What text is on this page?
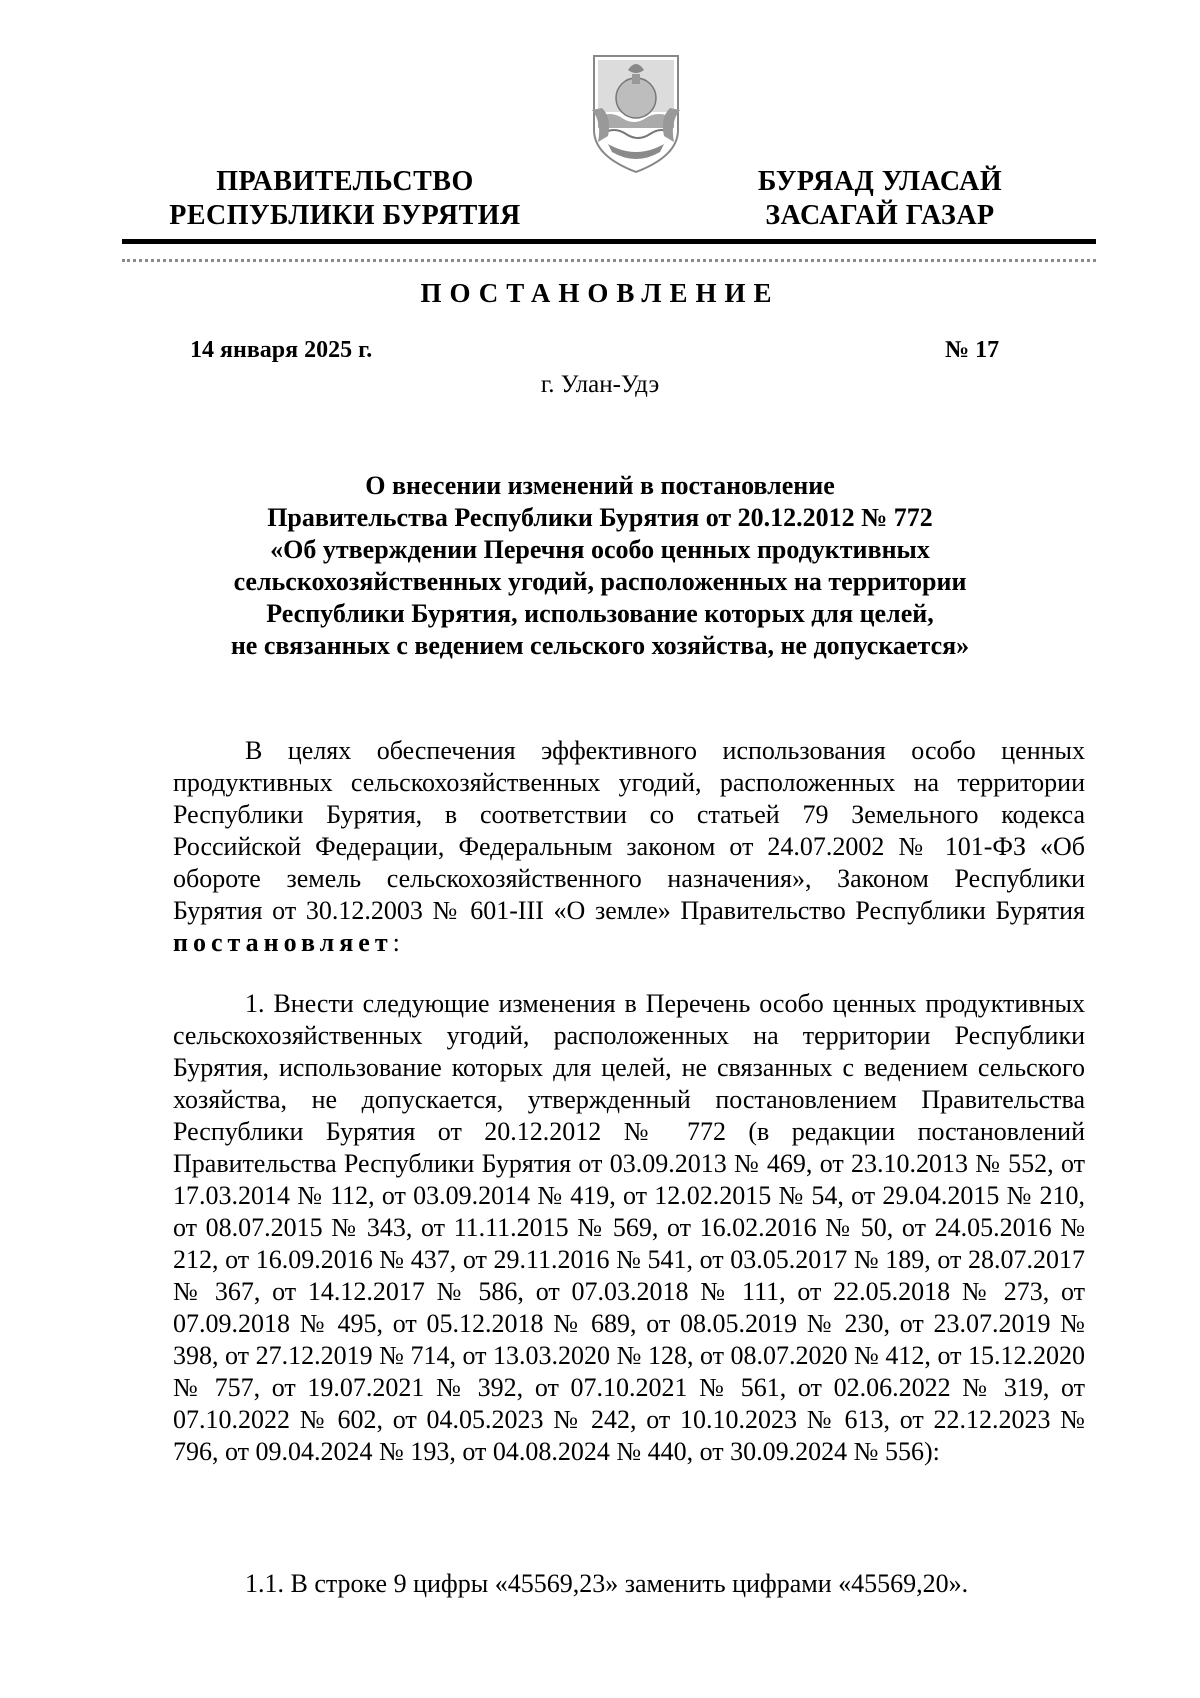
ПРАВИТЕЛЬСТВО
РЕСПУБЛИКИ БУРЯТИЯ
БУРЯАД УЛАСАЙ
ЗАСАГАЙ ГАЗАР
ПОСТАНОВЛЕНИЕ
14 января 2025 г.	№ 17
г. Улан-Удэ
О внесении изменений в постановление
Правительства Республики Бурятия от 20.12.2012 № 772
«Об утверждении Перечня особо ценных продуктивных
сельскохозяйственных угодий, расположенных на территории
Республики Бурятия, использование которых для целей,
не связанных с ведением сельского хозяйства, не допускается»
В целях обеспечения эффективного использования особо ценных продуктивных сельскохозяйственных угодий, расположенных на территории Республики Бурятия, в соответствии со статьей 79 Земельного кодекса Российской Федерации, Федеральным законом от 24.07.2002 № 101-ФЗ «Об обороте земель сельскохозяйственного назначения», Законом Республики Бурятия от 30.12.2003 № 601-III «О земле» Правительство Республики Бурятия постановляет:
1. Внести следующие изменения в Перечень особо ценных продуктивных сельскохозяйственных угодий, расположенных на территории Республики Бурятия, использование которых для целей, не связанных с ведением сельского хозяйства, не допускается, утвержденный постановлением Правительства Республики Бурятия от 20.12.2012 № 772 (в редакции постановлений Правительства Республики Бурятия от 03.09.2013 № 469, от 23.10.2013 № 552, от 17.03.2014 № 112, от 03.09.2014 № 419, от 12.02.2015 № 54, от 29.04.2015 № 210, от 08.07.2015 № 343, от 11.11.2015 № 569, от 16.02.2016 № 50, от 24.05.2016 № 212, от 16.09.2016 № 437, от 29.11.2016 № 541, от 03.05.2017 № 189, от 28.07.2017 № 367, от 14.12.2017 № 586, от 07.03.2018 № 111, от 22.05.2018 № 273, от 07.09.2018 № 495, от 05.12.2018 № 689, от 08.05.2019 № 230, от 23.07.2019 № 398, от 27.12.2019 № 714, от 13.03.2020 № 128, от 08.07.2020 № 412, от 15.12.2020 № 757, от 19.07.2021 № 392, от 07.10.2021 № 561, от 02.06.2022 № 319, от 07.10.2022 № 602, от 04.05.2023 № 242, от 10.10.2023 № 613, от 22.12.2023 № 796, от 09.04.2024 № 193, от 04.08.2024 № 440, от 30.09.2024 № 556):
1.1. В строке 9 цифры «45569,23» заменить цифрами «45569,20».
